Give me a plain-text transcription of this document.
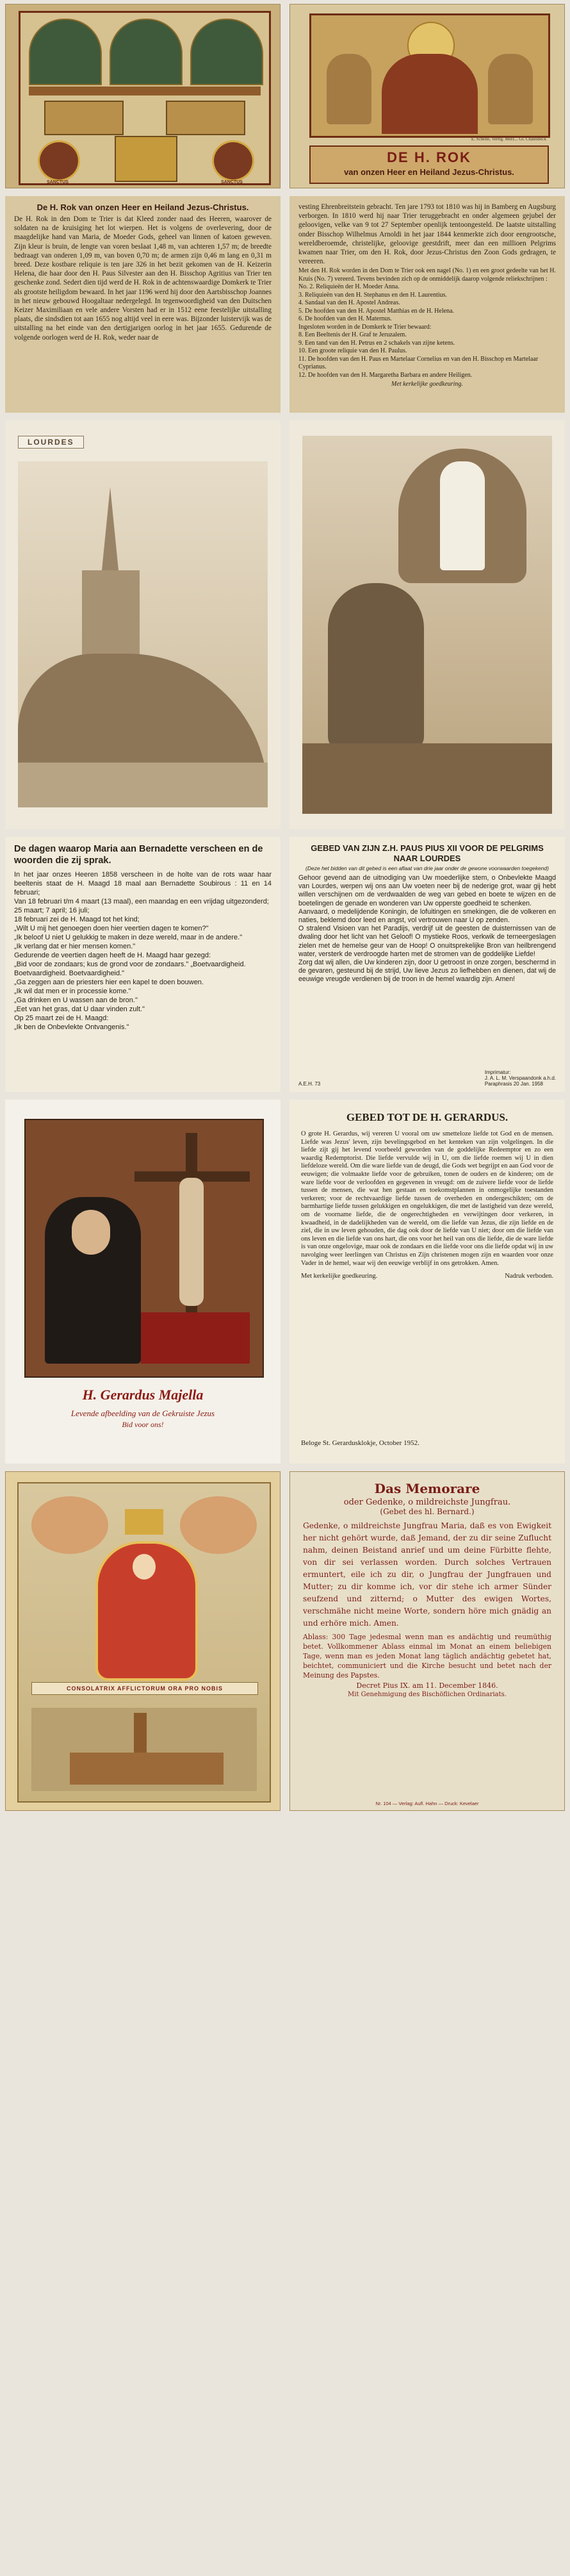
SANCTUS	SANCTUS
E. Schelle, Vertrg. Merz... Gl. Chalesbeck
DE H. ROK
van onzen Heer en Heiland Jezus-Christus.
De H. Rok van onzen Heer en Heiland Jezus-Christus.
De H. Rok in den Dom te Trier is dat Kleed zonder naad des Heeren, waarover de soldaten na de kruisiging het lot wierpen. Het is volgens de overlevering, door de maagdelijke hand van Maria, de Moeder Gods, geheel van linnen of katoen geweven. Zijn kleur is bruin, de lengte van voren beslaat 1,48 m, van achteren 1,57 m; de breedte bedraagt van onderen 1,09 m, van boven 0,70 m; de armen zijn 0,46 m lang en 0,31 m breed. Deze kostbare reliquie is ten jare 326 in het bezit gekomen van de H. Keizerin Helena, die haar door den H. Paus Silvester aan den H. Bisschop Agritius van Trier ten geschenke zond. Sedert dien tijd werd de H. Rok in de achtenswaardige Domkerk te Trier als grootste heiligdom bewaard. In het jaar 1196 werd hij door den Aartsbisschop Joannes in het nieuw gebouwd Hoogaltaar nedergelegd. In tegenwoordigheid van den Duitschen Keizer Maximiliaan en vele andere Vorsten had er in 1512 eene feestelijke uitstalling plaats, die sindsdien tot aan 1655 nog altijd veel in eere was. Bijzonder luistervijk was de uitstalling na het einde van den dertigjarigen oorlog in het jaar 1655. Gedurende de volgende oorlogen werd de H. Rok, weder naar de
vesting Ehrenbreitstein gebracht. Ten jare 1793 tot 1810 was hij in Bamberg en Augsburg verborgen. In 1810 werd hij naar Trier teruggebracht en onder algemeen gejubel der geloovigen, velke van 9 tot 27 September openlijk tentoongesteld. De laatste uitstalling onder Bisschop Wilhelmus Arnoldi in het jaar 1844 kenmerkte zich door eengrootsche, wereldberoemde, christelijke, geloovige geestdrift, meer dan een millioen Pelgrims kwamen naar Trier, om den H. Rok, door Jezus-Christus den Zoon Gods gedragen, te vereeren.
Met den H. Rok worden in den Dom te Trier ook een nagel (No. 1) en een groot gedeelte van het H. Kruis (No. 7) vereerd. Tevens bevinden zich op de onmiddelijk daarop volgende reliekschrijnen :
No. 2. Reliquieën der H. Moeder Anna.
3. Reliquieën van den H. Stephanus en den H. Laurentius.
4. Sandaal van den H. Apostel Andreas.
5. De hoofden van den H. Apostel Matthias en de H. Helena.
6. De hoofden van den H. Maternus.
Ingesloten worden in de Domkerk te Trier bewaard:
8. Een Beeltenis der H. Graf te Jeruzalem.
9. Een tand van den H. Petrus en 2 schakels van zijne ketens.
10. Een groote reliquie van den H. Paulus.
11. De hoofden van den H. Paus en Martelaar Cornelius en van den H. Bisschop en Martelaar Cyprianus.
12. De hoofden van den H. Margaretha Barbara en andere Heiligen.
Met kerkelijke goedkeuring.
LOURDES
De dagen waarop Maria aan Bernadette verscheen en de woorden die zij sprak.
In het jaar onzes Heeren 1858 verscheen in de holte van de rots waar haar beeltenis staat de H. Maagd 18 maal aan Bernadette Soubirous : 11 en 14 februari;
Van 18 februari t/m 4 maart (13 maal), een maandag en een vrijdag uitgezonderd;
25 maart; 7 april; 16 juli;
18 februari zei de H. Maagd tot het kind;
„Wilt U mij het genoegen doen hier veertien dagen te komen?"
„Ik beloof U niet U gelukkig te maken in deze wereld, maar in de andere."
„Ik verlang dat er hier mensen komen."
Gedurende de veertien dagen heeft de H. Maagd haar gezegd:
„Bid voor de zondaars; kus de grond voor de zondaars." „Boetvaardigheid. Boetvaardigheid. Boetvaardigheid."
„Ga zeggen aan de priesters hier een kapel te doen bouwen.
„Ik wil dat men er in processie kome."
„Ga drinken en U wassen aan de bron."
„Eet van het gras, dat U daar vinden zult."
Op 25 maart zei de H. Maagd:
„Ik ben de Onbevlekte Ontvangenis."
GEBED VAN ZIJN Z.H. PAUS PIUS XII VOOR DE PELGRIMS NAAR LOURDES
(Deze het bidden van dit gebed is een aflaat van drie jaar onder de gewone voorwaarden toegekend)
Gehoor gevend aan de uitnodiging van Uw moederlijke stem, o Onbevlekte Maagd van Lourdes, werpen wij ons aan Uw voeten neer bij de nederige grot, waar gij hebt willen verschijnen om de verdwaalden de weg van gebed en boete te wijzen en de boetelingen de genade en wonderen van Uw opperste goedheid te schenken.
Aanvaard, o medelijdende Koningin, de lofuitingen en smekingen, die de volkeren en naties, beklemd door leed en angst, vol vertrouwen naar U op zenden.
O stralend Visioen van het Paradijs, verdrijf uit de geesten de duisternissen van de dwaling door het licht van het Geloof! O mystieke Roos, verkwik de terneergeslagen zielen met de hemelse geur van de Hoop! O onuitsprekelijke Bron van heilbrengend water, versterk de verdroogde harten met de stromen van de goddelijke Liefde!
Zorg dat wij allen, die Uw kinderen zijn, door U getroost in onze zorgen, beschermd in de gevaren, gesteund bij de strijd, Uw lieve Jezus zo liefhebben en dienen, dat wij de eeuwige vreugde verdienen bij de troon in de hemel waardig zijn. Amen!
A.E.H. 73
Imprimatur:
J. A. L. M. Verspaandonk a.h.d.
Paraphrasis 20 Jan. 1958
H. Gerardus Majella
Levende afbeelding van de Gekruiste Jezus
Bid voor ons!
GEBED TOT DE H. GERARDUS.
O grote H. Gerardus, wij vereren U vooral om uw smetteloze liefde tot God en de mensen. Liefde was Jezus' leven, zijn bevelingsgebod en het kenteken van zijn volgelingen. In die liefde zijt gij het levend voorbeeld geworden van de goddelijke Redeemptor en zo een waardig Redemptorist. Die liefde vervulde wij in U, om die liefde roemen wij U in dien liefdeloze wereld. Om die ware liefde van de deugd, die Gods wet begrijpt en aan God voor de eeuwigen; die volmaakte liefde voor de gebruiken, tonen de ouders en de kinderen; om de ware liefde voor de verloofden en gegevenen in vreugd: om de zuivere liefde voor de liefde tussen de mensen, die wat hen gestaan en toekomstplannen in onmogelijke toestanden verkeren; voor de rechtvaardige liefde tussen de overheden en ondergeschikten; om de barmhartige liefde tussen gelukkigen en ongelukkigen, die met de lastigheid van deze wereld, om de voorname liefde, die de ongerechtigheden en verwijtingen door verkeren, in kwaadheid, in de dadelijkheden van de wereld, om die liefde van Jezus, die zijn liefde en de ziel, die in uw leven gehouden, die dag ook door de liefde van U niet; door om die liefde van ons leven en die liefde van ons hart, die ons voor het heil van ons die liefde, die de ware liefde is van onze ongelovige, maar ook de zondaars en die liefde voor ons die liefde opdat wij in uw navolging weer leerlingen van Christus en Zijn christenen mogen zijn en waarden voor onze Vader in de hemel, waar wij den eeuwige verblijf in ons getrokken. Amen.
Met kerkelijke goedkeuring.	Nadruk verboden.
Beloge St. Gerardusklokje, October 1952.
CONSOLATRIX AFFLICTORUM ORA PRO NOBIS
Das Memorare
oder Gedenke, o mildreichste Jungfrau.
(Gebet des hl. Bernard.)
Gedenke, o mildreichste Jungfrau Maria, daß es von Ewigkeit her nicht gehört wurde, daß Jemand, der zu dir seine Zuflucht nahm, deinen Beistand anrief und um deine Fürbitte flehte, von dir sei verlassen worden. Durch solches Vertrauen ermuntert, eile ich zu dir, o Jungfrau der Jungfrauen und Mutter; zu dir komme ich, vor dir stehe ich armer Sünder seufzend und zitternd; o Mutter des ewigen Wortes, verschmähe nicht meine Worte, sondern höre mich gnädig an und erhöre mich. Amen.
Ablass: 300 Tage jedesmal wenn man es andächtig und reumüthig betet. Vollkommener Ablass einmal im Monat an einem beliebigen Tage, wenn man es jeden Monat lang täglich andächtig gebetet hat, beichtet, communiciert und die Kirche besucht und betet nach der Meinung des Papstes.
Decret Pius IX. am 11. December 1846.
Mit Genehmigung des Bischöflichen Ordinariats.
Nr. 104 — Verlag: Aufl. Hahn — Druck: Kevelaer
